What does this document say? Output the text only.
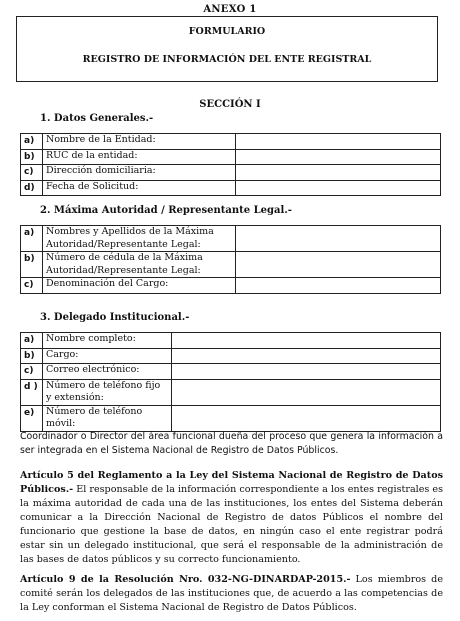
ANEXO 1
FORMULARIO
REGISTRO DE INFORMACIÓN DEL ENTE REGISTRAL
SECCIÓN I
1. Datos Generales.-
a)	Nombre de la Entidad:	
b)	RUC de la entidad:	
c)	Dirección domiciliaria:	
d)	Fecha de Solicitud:	
2. Máxima Autoridad / Representante Legal.-
a)	Nombres y Apellidos de la Máxima Autoridad/Representante Legal:	
b)	Número de cédula de la Máxima Autoridad/Representante Legal:	
c)	Denominación del Cargo:	
3. Delegado Institucional.-
a)	Nombre completo:	
b)	Cargo:	
c)	Correo electrónico:	
d )	Número de teléfono fijo y extensión:	
e)	Número de teléfono móvil:	
Coordinador o Director del área funcional dueña del proceso que genera la información a ser integrada en el Sistema Nacional de Registro de Datos Públicos.
Artículo 5 del Reglamento a la Ley del Sistema Nacional de Registro de Datos Públicos.- El responsable de la información correspondiente a los entes registrales es la máxima autoridad de cada una de las instituciones, los entes del Sistema deberán comunicar a la Dirección Nacional de Registro de datos Públicos el nombre del funcionario que gestione la base de datos, en ningún caso el ente registrar podrá estar sin un delegado institucional, que será el responsable de la administración de las bases de datos públicos y su correcto funcionamiento.
Artículo 9 de la Resolución Nro. 032-NG-DINARDAP-2015.- Los miembros de comité serán los delegados de las instituciones que, de acuerdo a las competencias de la Ley conforman el Sistema Nacional de Registro de Datos Públicos.
